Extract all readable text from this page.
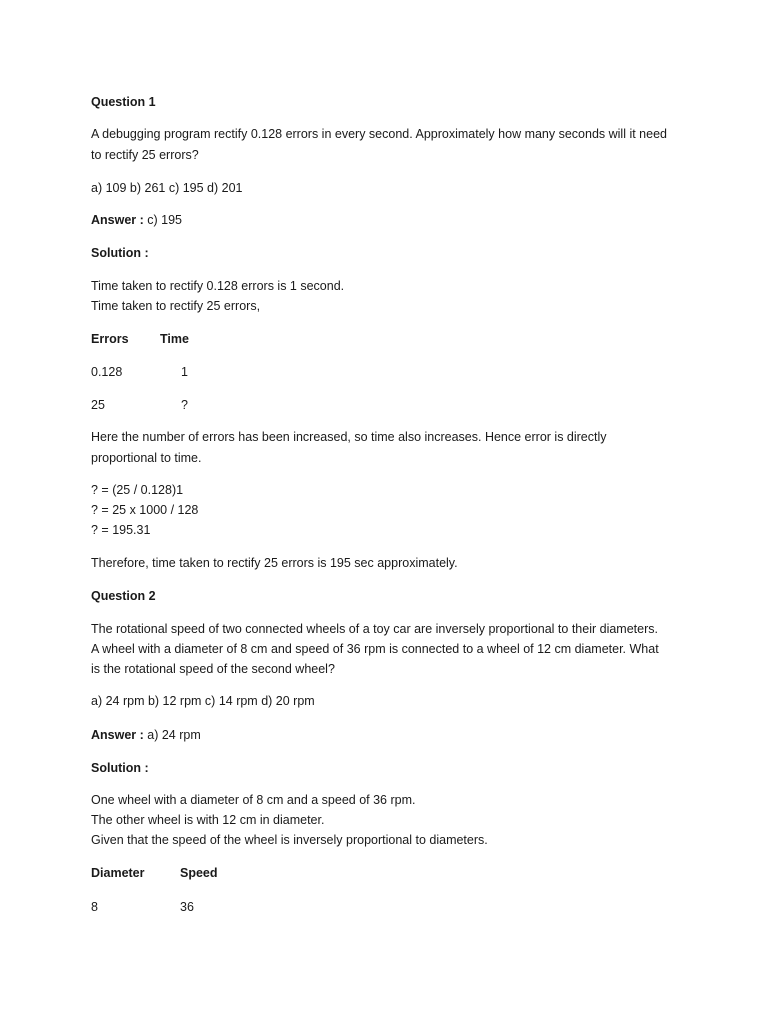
Question 1
A debugging program rectify 0.128 errors in every second. Approximately how many seconds will it need
to rectify 25 errors?
a) 109 b) 261 c) 195 d) 201
Answer : c) 195
Solution :
Time taken to rectify 0.128 errors is 1 second.
Time taken to rectify 25 errors,
Errors	Time
0.128	1
25	?
Here the number of errors has been increased, so time also increases. Hence error is directly
proportional to time.
? = (25 / 0.128)1
? = 25 x 1000 / 128
? = 195.31
Therefore, time taken to rectify 25 errors is 195 sec approximately.
Question 2
The rotational speed of two connected wheels of a toy car are inversely proportional to their diameters.
A wheel with a diameter of 8 cm and speed of 36 rpm is connected to a wheel of 12 cm diameter. What
is the rotational speed of the second wheel?
a) 24 rpm b) 12 rpm c) 14 rpm d) 20 rpm
Answer : a) 24 rpm
Solution :
One wheel with a diameter of 8 cm and a speed of 36 rpm.
The other wheel is with 12 cm in diameter.
Given that the speed of the wheel is inversely proportional to diameters.
Diameter	Speed
8	36
